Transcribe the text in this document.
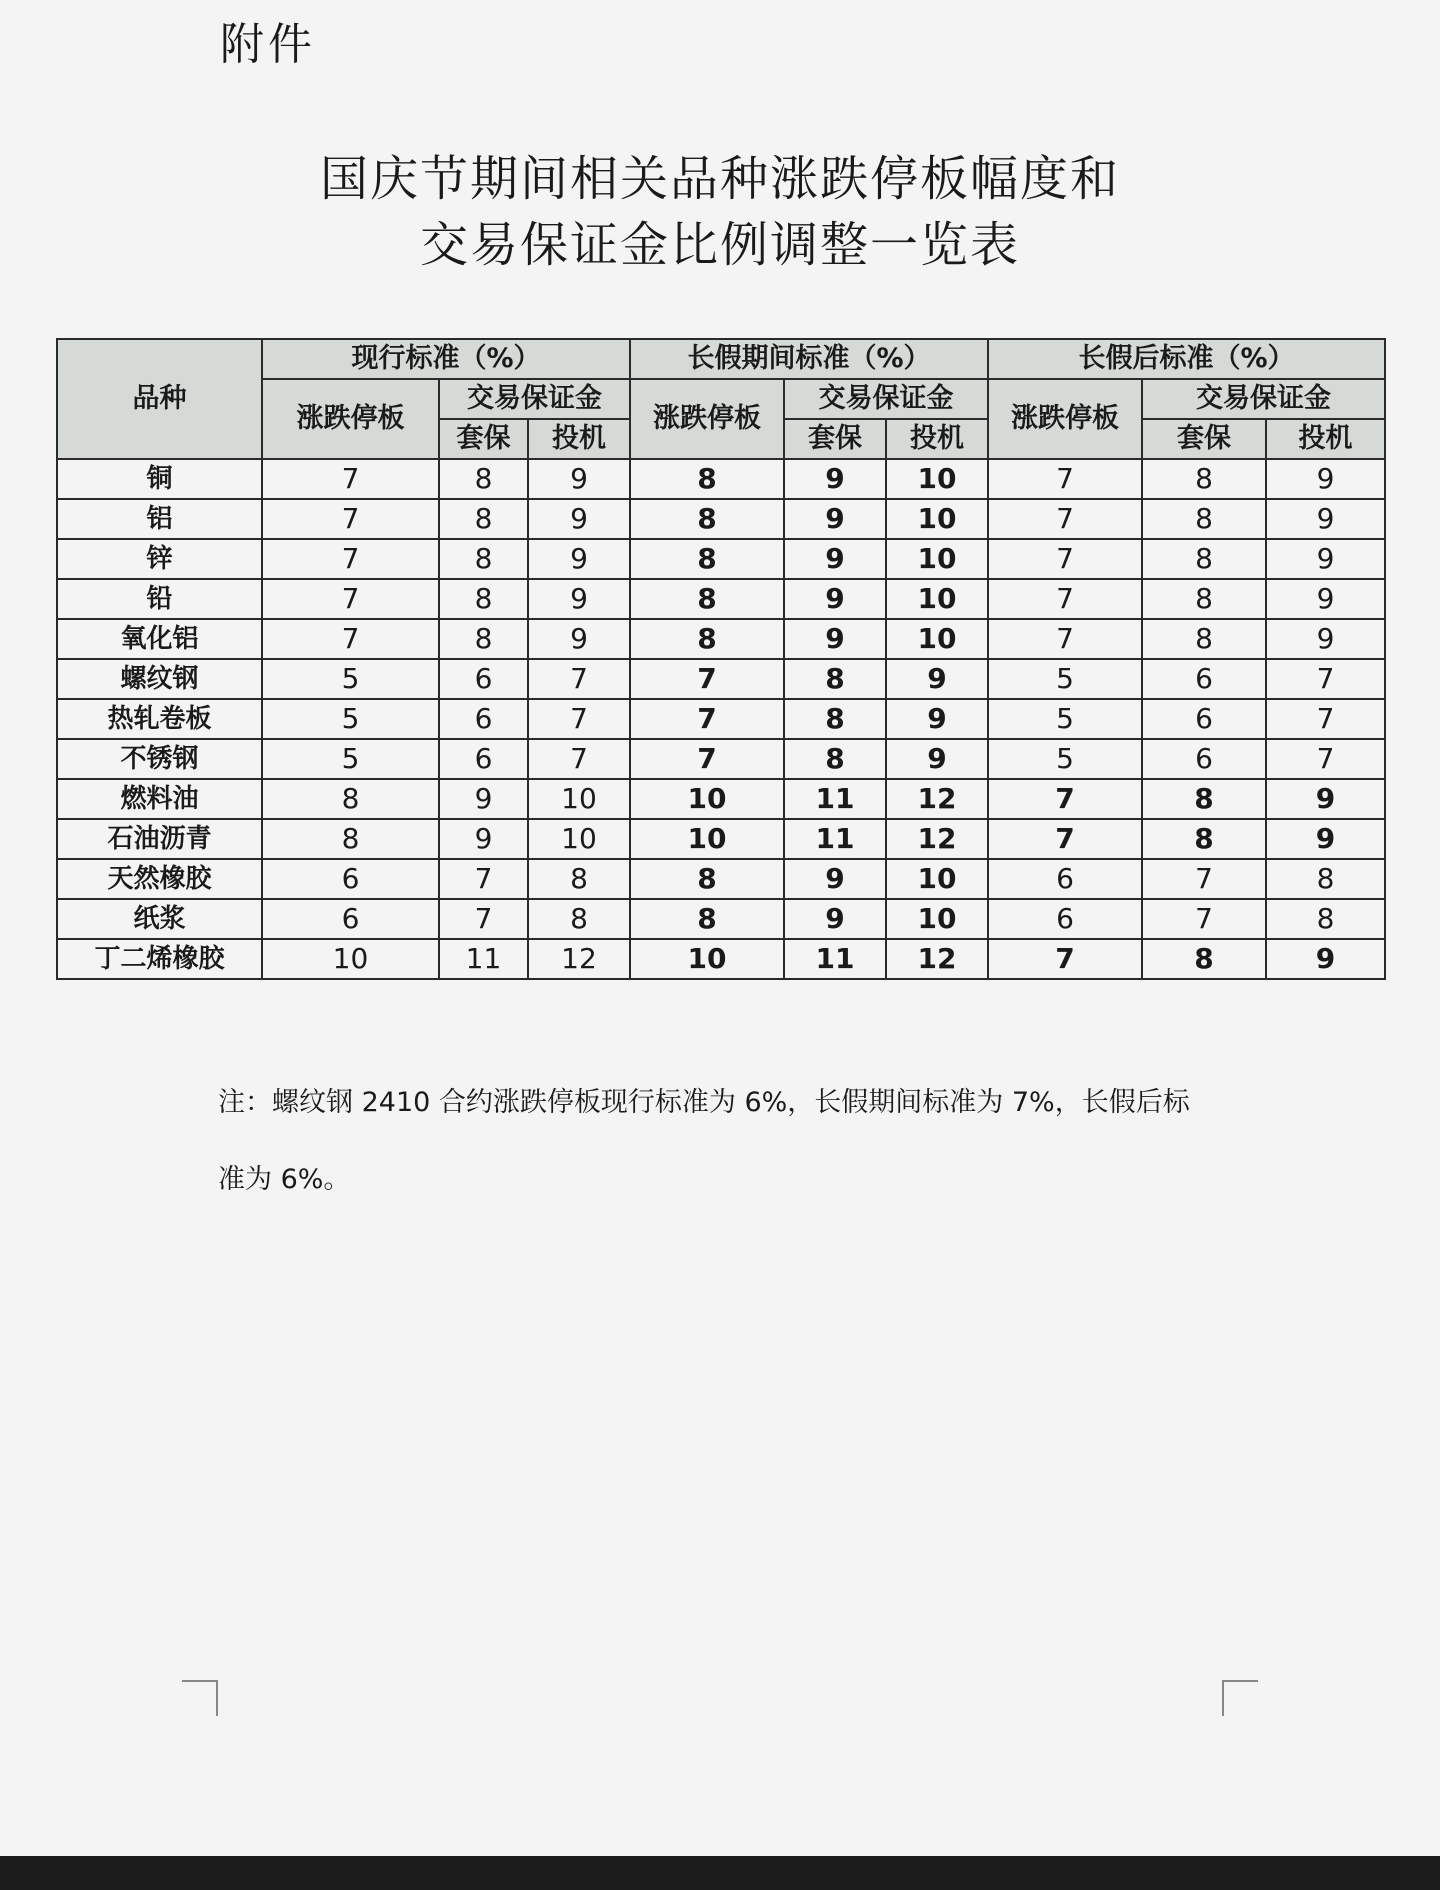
附件
国庆节期间相关品种涨跌停板幅度和
交易保证金比例调整一览表
品种	现行标准（%）			长假期间标准（%）			长假后标准（%）		
	涨跌停板	交易保证金		涨跌停板	交易保证金		涨跌停板	交易保证金	
		套保	投机		套保	投机		套保	投机
铜	7	8	9	8	9	10	7	8	9
铝	7	8	9	8	9	10	7	8	9
锌	7	8	9	8	9	10	7	8	9
铅	7	8	9	8	9	10	7	8	9
氧化铝	7	8	9	8	9	10	7	8	9
螺纹钢	5	6	7	7	8	9	5	6	7
热轧卷板	5	6	7	7	8	9	5	6	7
不锈钢	5	6	7	7	8	9	5	6	7
燃料油	8	9	10	10	11	12	7	8	9
石油沥青	8	9	10	10	11	12	7	8	9
天然橡胶	6	7	8	8	9	10	6	7	8
纸浆	6	7	8	8	9	10	6	7	8
丁二烯橡胶	10	11	12	10	11	12	7	8	9
注：螺纹钢 2410 合约涨跌停板现行标准为 6%，长假期间标准为 7%，长假后标
准为 6%。
